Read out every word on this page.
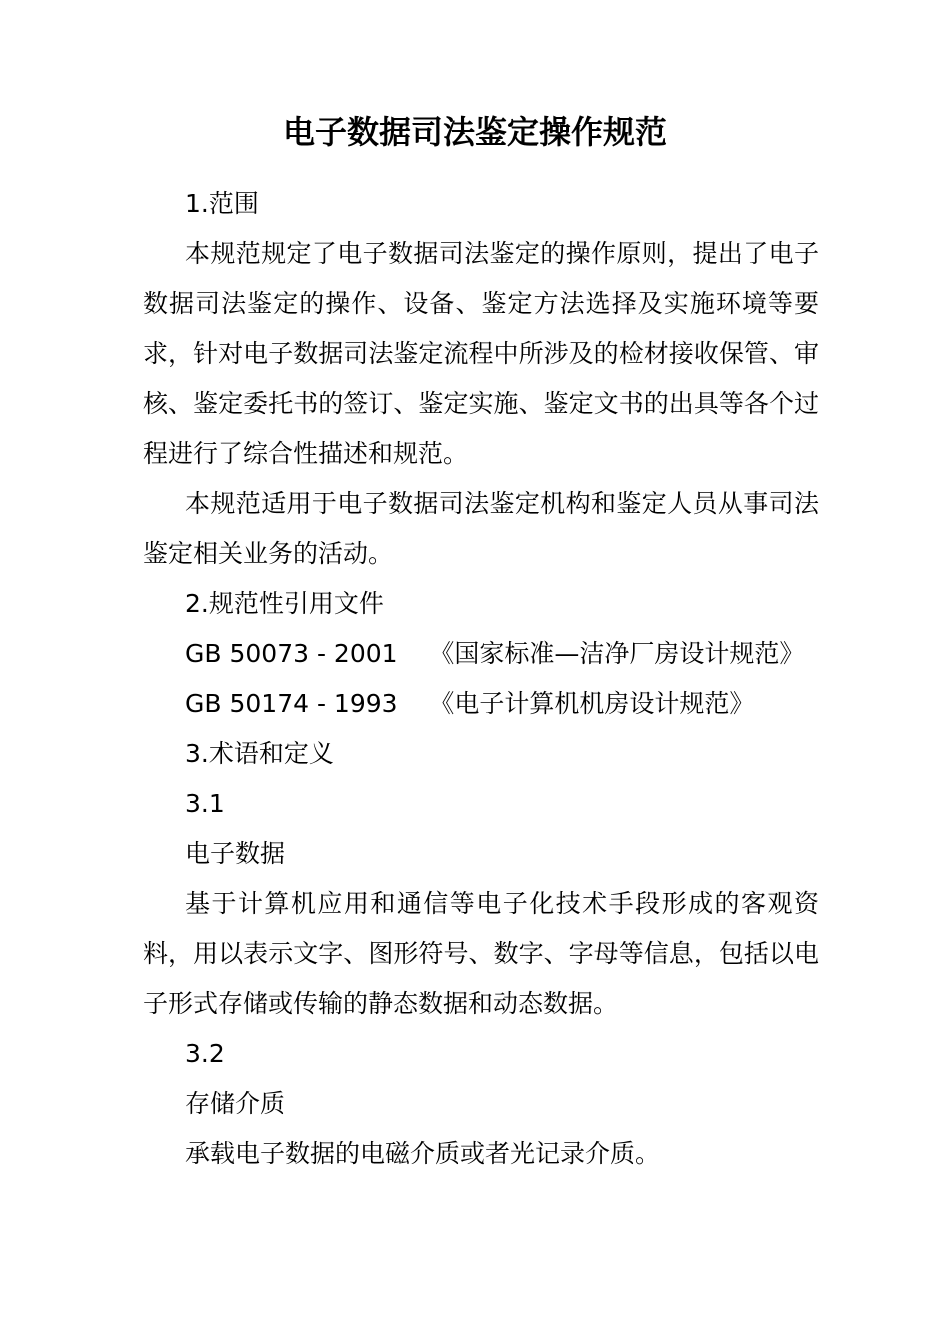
电子数据司法鉴定操作规范

1.范围

本规范规定了电子数据司法鉴定的操作原则，提出了电子数据司法鉴定的操作、设备、鉴定方法选择及实施环境等要求，针对电子数据司法鉴定流程中所涉及的检材接收保管、审核、鉴定委托书的签订、鉴定实施、鉴定文书的出具等各个过程进行了综合性描述和规范。

本规范适用于电子数据司法鉴定机构和鉴定人员从事司法鉴定相关业务的活动。

2.规范性引用文件

GB 50073 - 2001    《国家标准—洁净厂房设计规范》

GB 50174 - 1993    《电子计算机机房设计规范》

3.术语和定义

3.1

电子数据

基于计算机应用和通信等电子化技术手段形成的客观资料，用以表示文字、图形符号、数字、字母等信息，包括以电子形式存储或传输的静态数据和动态数据。

3.2

存储介质

承载电子数据的电磁介质或者光记录介质。
